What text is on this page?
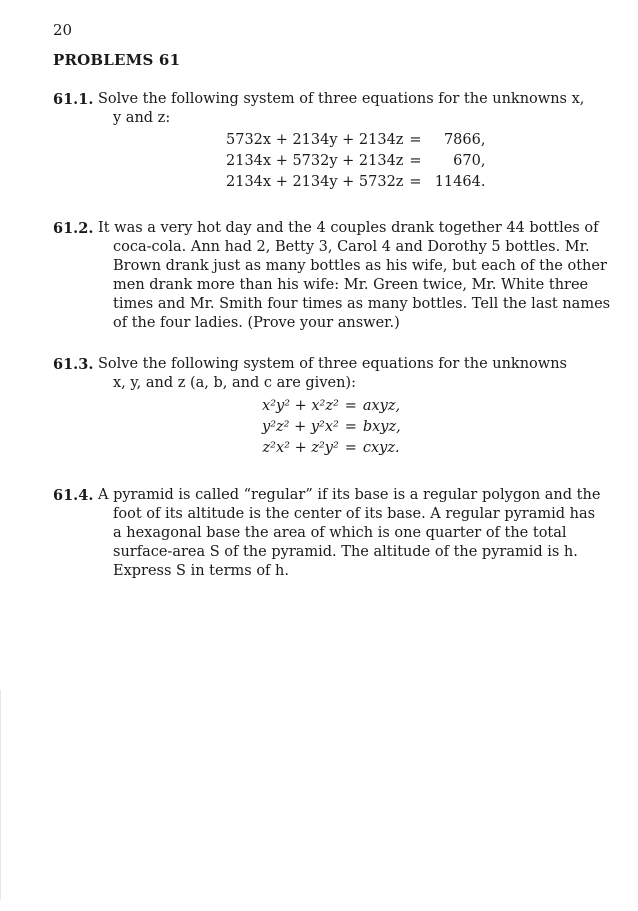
20
PROBLEMS 61
61.1. Solve the following system of three equations for the unknowns x,
y and z:
5732x + 2134y + 2134z	=	7866,
2134x + 5732y + 2134z	=	670,
2134x + 2134y + 5732z	=	11464.
61.2. It was a very hot day and the 4 couples drank together 44 bottles of
coca-cola. Ann had 2, Betty 3, Carol 4 and Dorothy 5 bottles. Mr.
Brown drank just as many bottles as his wife, but each of the other
men drank more than his wife: Mr. Green twice, Mr. White three
times and Mr. Smith four times as many bottles. Tell the last names
of the four ladies. (Prove your answer.)
61.3. Solve the following system of three equations for the unknowns
x, y, and z (a, b, and c are given):
x²y² + x²z²	=	axyz,
y²z² + y²x²	=	bxyz,
z²x² + z²y²	=	cxyz.
61.4. A pyramid is called “regular” if its base is a regular polygon and the
foot of its altitude is the center of its base. A regular pyramid has
a hexagonal base the area of which is one quarter of the total
surface-area S of the pyramid. The altitude of the pyramid is h.
Express S in terms of h.
